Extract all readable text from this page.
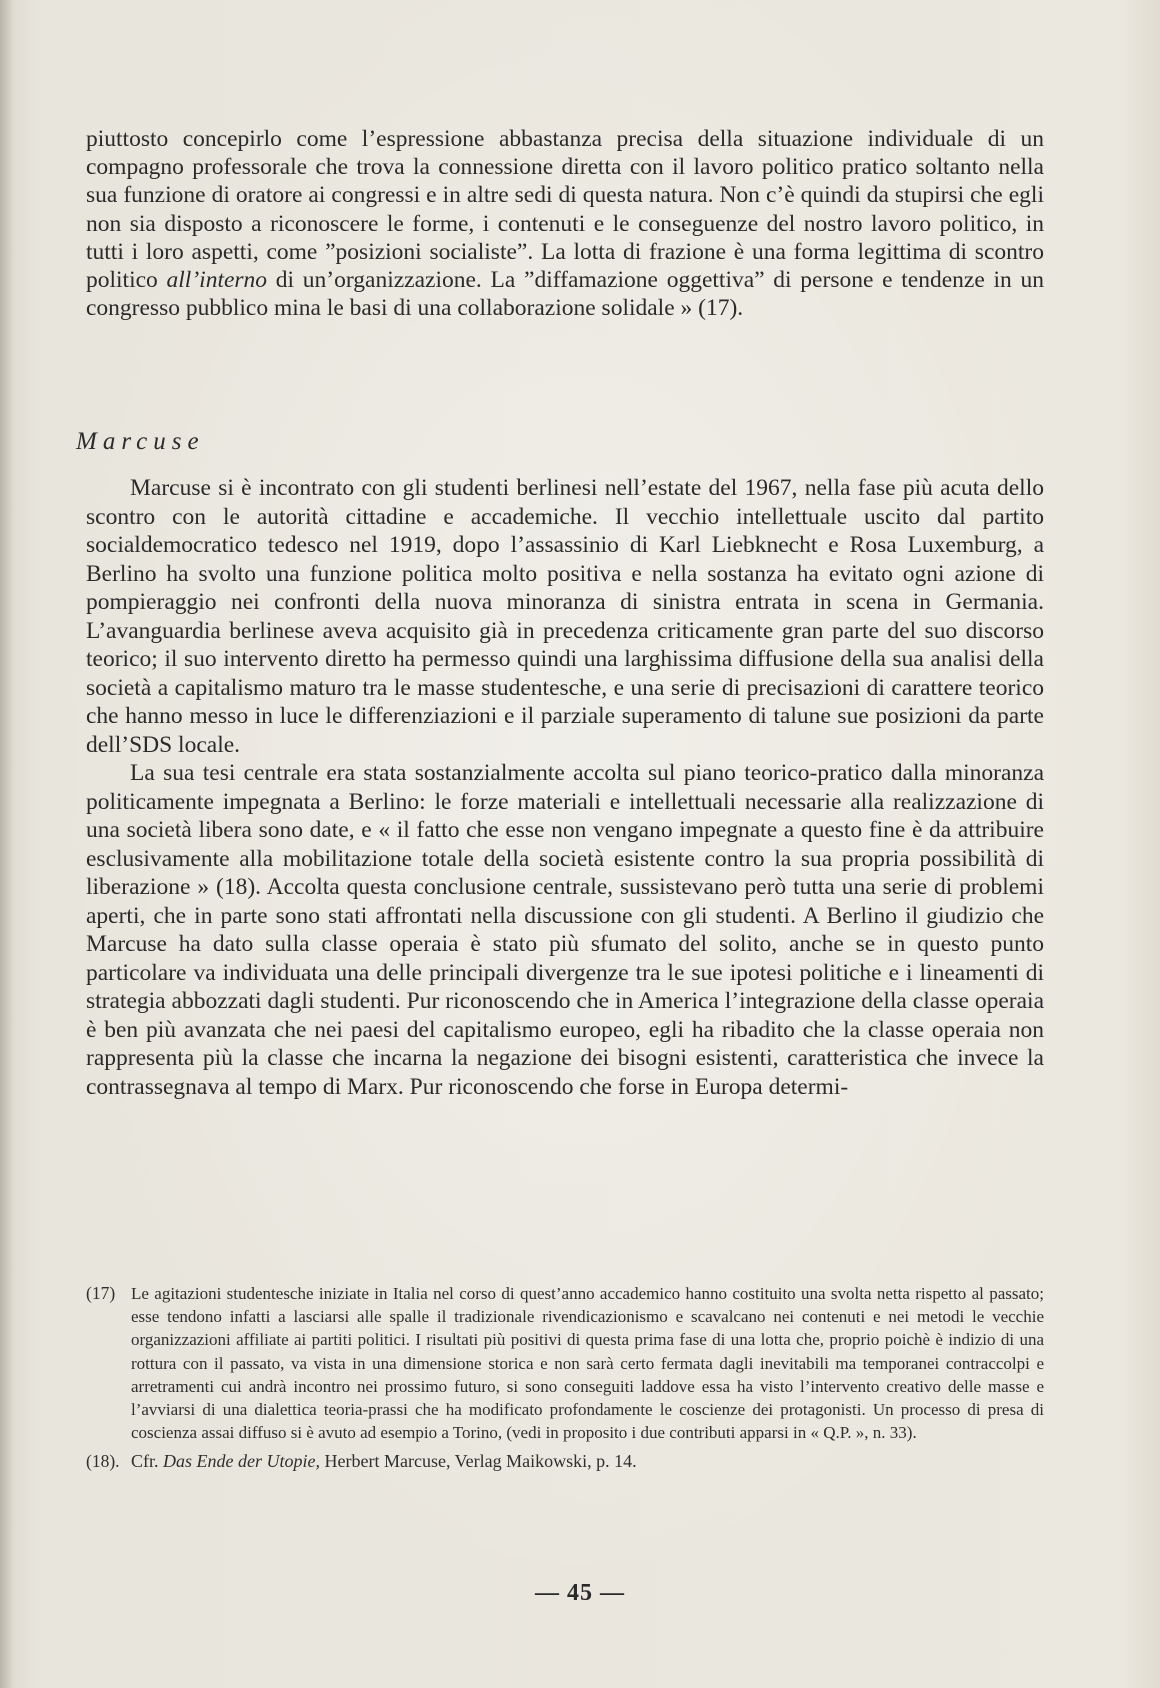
piuttosto concepirlo come l’espressione abbastanza precisa della situazione individuale di un compagno professorale che trova la connessione diretta con il lavoro politico pratico soltanto nella sua funzione di oratore ai congressi e in altre sedi di questa natura. Non c’è quindi da stupirsi che egli non sia disposto a riconoscere le forme, i contenuti e le conseguenze del nostro lavoro politico, in tutti i loro aspetti, come ”posizioni socialiste”. La lotta di frazione è una forma legittima di scontro politico all’interno di un’organizzazione. La ”diffamazione oggettiva” di persone e tendenze in un congresso pubblico mina le basi di una collaborazione solidale » (17).

Marcuse

Marcuse si è incontrato con gli studenti berlinesi nell’estate del 1967, nella fase più acuta dello scontro con le autorità cittadine e accademiche. Il vecchio intellettuale uscito dal partito socialdemocratico tedesco nel 1919, dopo l’assassinio di Karl Liebknecht e Rosa Luxemburg, a Berlino ha svolto una funzione politica molto positiva e nella sostanza ha evitato ogni azione di pompieraggio nei confronti della nuova minoranza di sinistra entrata in scena in Germania. L’avanguardia berlinese aveva acquisito già in precedenza criticamente gran parte del suo discorso teorico; il suo intervento diretto ha permesso quindi una larghissima diffusione della sua analisi della società a capitalismo maturo tra le masse studentesche, e una serie di precisazioni di carattere teorico che hanno messo in luce le differenziazioni e il parziale superamento di talune sue posizioni da parte dell’SDS locale.

La sua tesi centrale era stata sostanzialmente accolta sul piano teorico-pratico dalla minoranza politicamente impegnata a Berlino: le forze materiali e intellettuali necessarie alla realizzazione di una società libera sono date, e « il fatto che esse non vengano impegnate a questo fine è da attribuire esclusivamente alla mobilitazione totale della società esistente contro la sua propria possibilità di liberazione » (18). Accolta questa conclusione centrale, sussistevano però tutta una serie di problemi aperti, che in parte sono stati affrontati nella discussione con gli studenti. A Berlino il giudizio che Marcuse ha dato sulla classe operaia è stato più sfumato del solito, anche se in questo punto particolare va individuata una delle principali divergenze tra le sue ipotesi politiche e i lineamenti di strategia abbozzati dagli studenti. Pur riconoscendo che in America l’integrazione della classe operaia è ben più avanzata che nei paesi del capitalismo europeo, egli ha ribadito che la classe operaia non rappresenta più la classe che incarna la negazione dei bisogni esistenti, caratteristica che invece la contrassegnava al tempo di Marx. Pur riconoscendo che forse in Europa determi-

(17) Le agitazioni studentesche iniziate in Italia nel corso di quest’anno accademico hanno costituito una svolta netta rispetto al passato; esse tendono infatti a lasciarsi alle spalle il tradizionale rivendicazionismo e scavalcano nei contenuti e nei metodi le vecchie organizzazioni affiliate ai partiti politici. I risultati più positivi di questa prima fase di una lotta che, proprio poichè è indizio di una rottura con il passato, va vista in una dimensione storica e non sarà certo fermata dagli inevitabili ma temporanei contraccolpi e arretramenti cui andrà incontro nei prossimo futuro, si sono conseguiti laddove essa ha visto l’intervento creativo delle masse e l’avviarsi di una dialettica teoria-prassi che ha modificato profondamente le coscienze dei protagonisti. Un processo di presa di coscienza assai diffuso si è avuto ad esempio a Torino, (vedi in proposito i due contributi apparsi in « Q.P. », n. 33).
(18). Cfr. Das Ende der Utopie, Herbert Marcuse, Verlag Maikowski, p. 14.
— 45 —
